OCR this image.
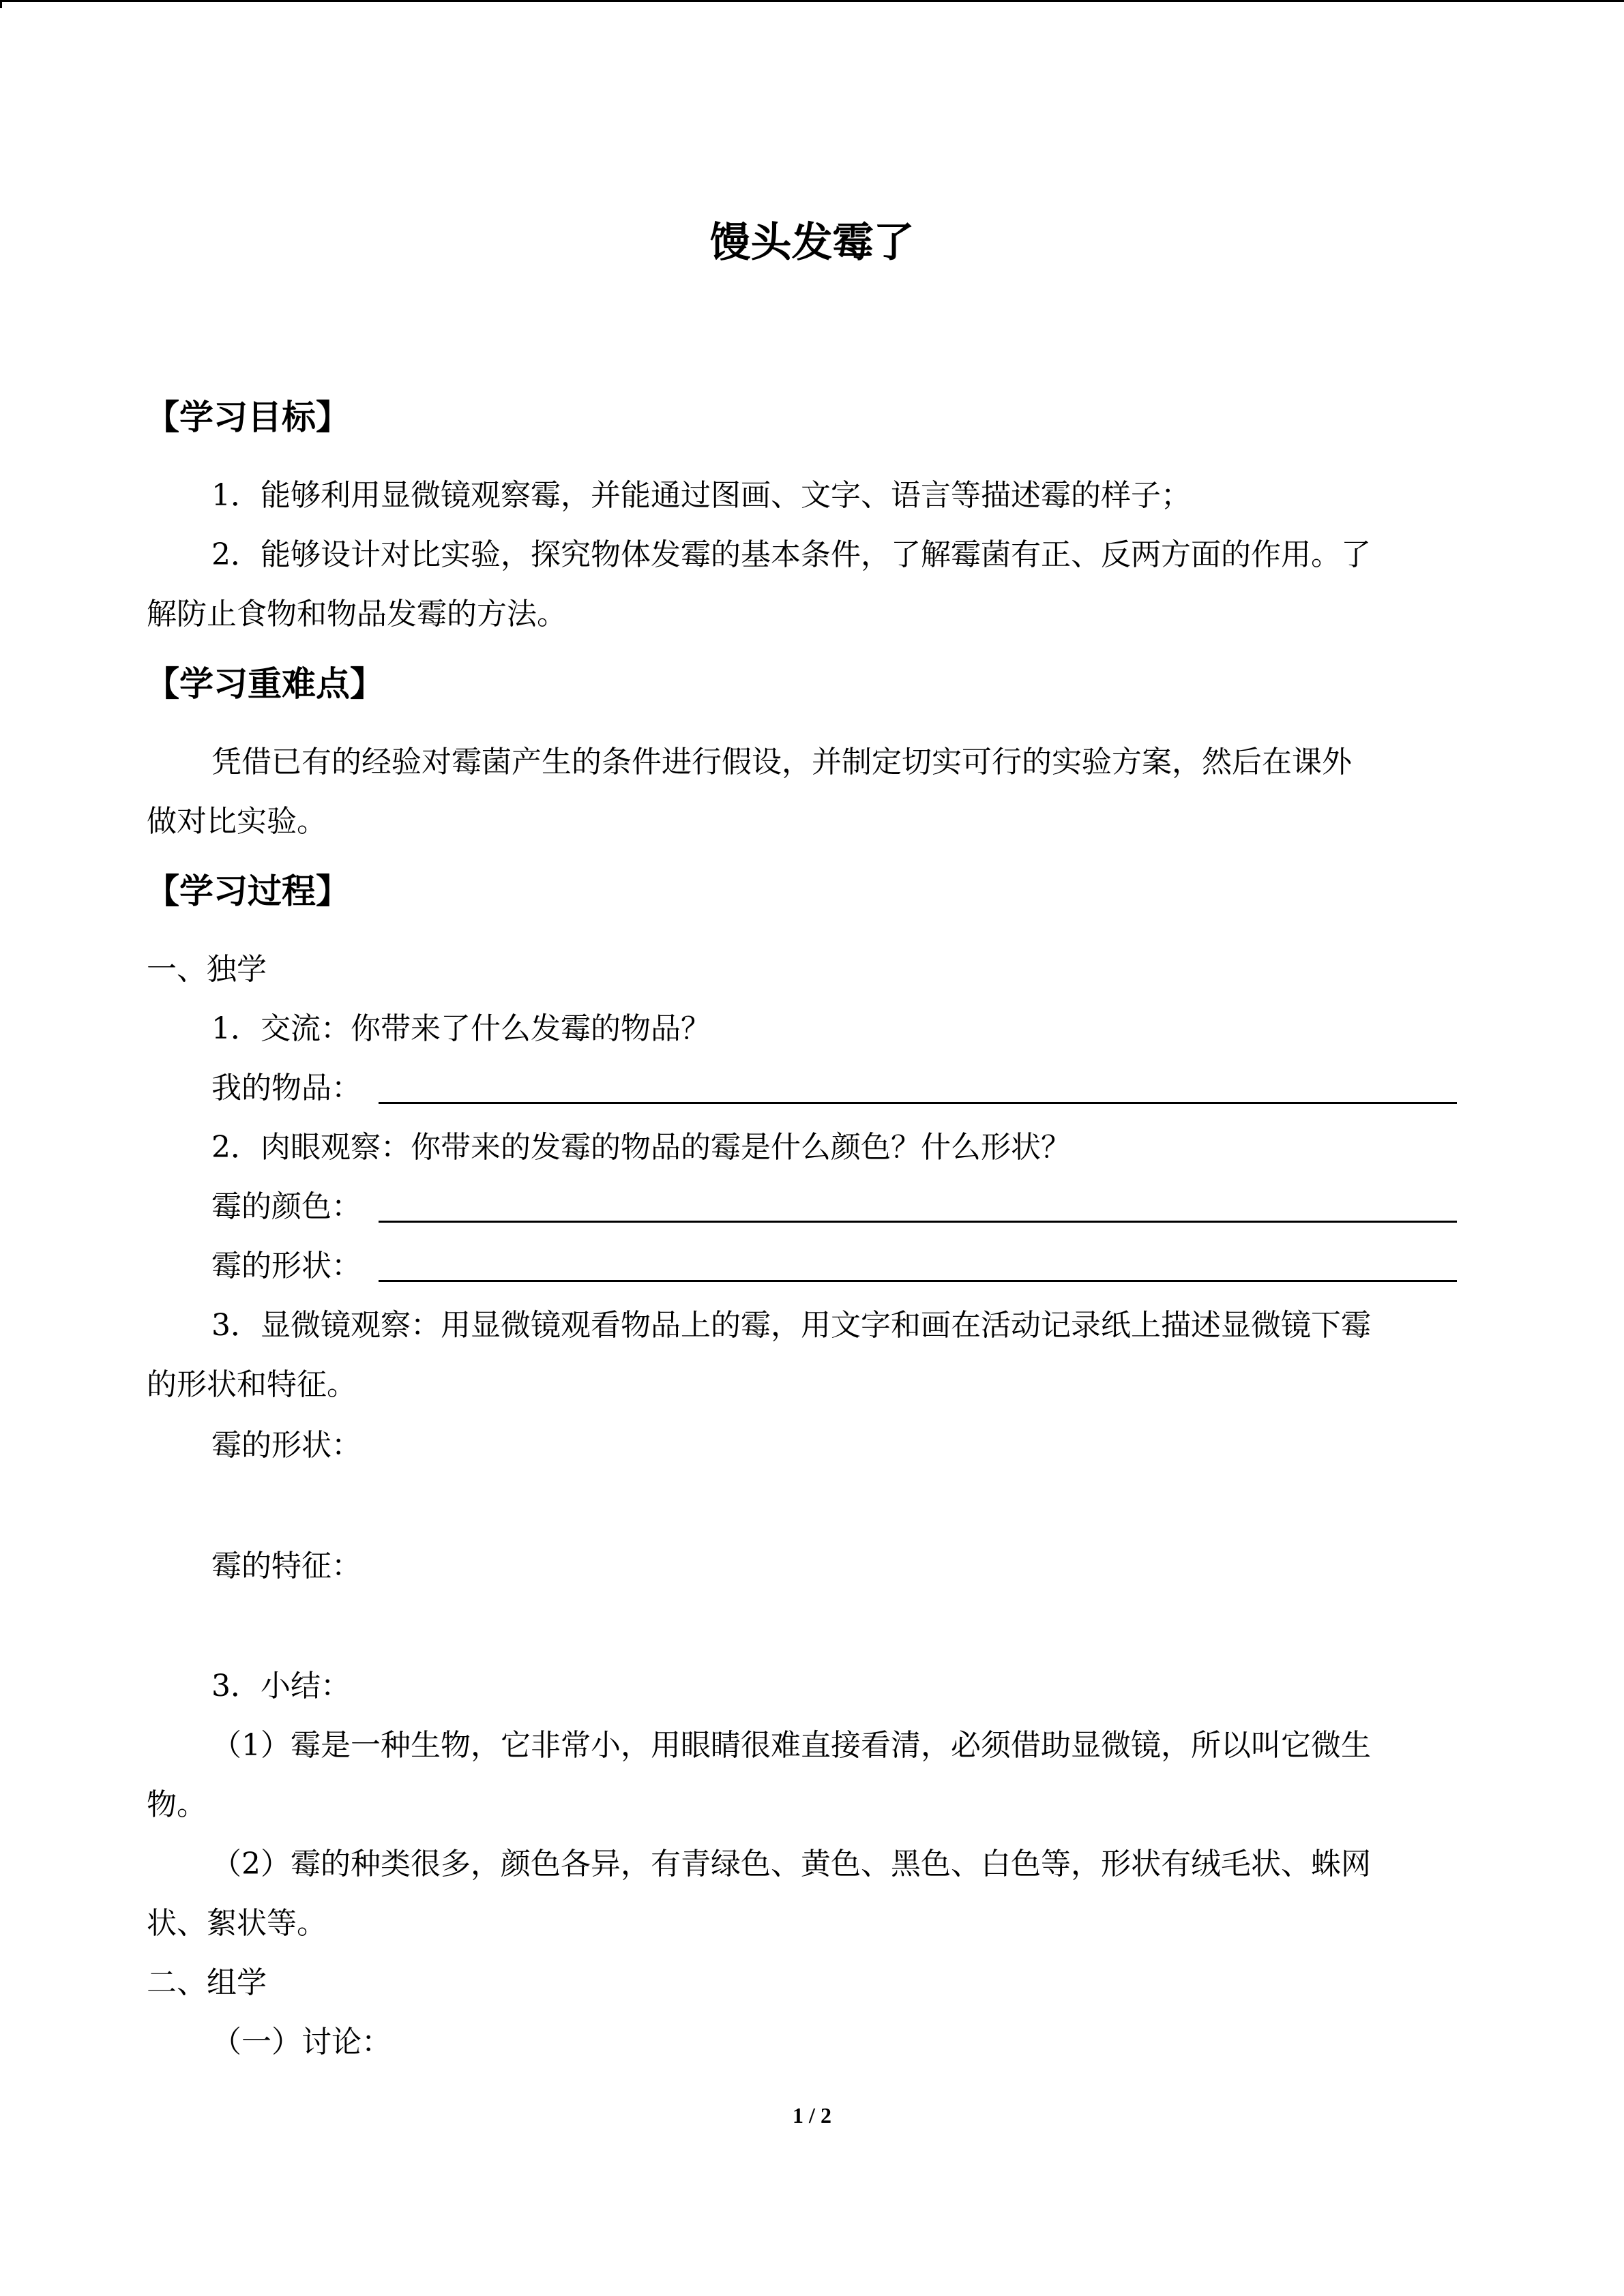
馒头发霉了
【学习目标】
1．能够利用显微镜观察霉，并能通过图画、文字、语言等描述霉的样子；
2．能够设计对比实验，探究物体发霉的基本条件，了解霉菌有正、反两方面的作用。了
解防止食物和物品发霉的方法。
【学习重难点】
凭借已有的经验对霉菌产生的条件进行假设，并制定切实可行的实验方案，然后在课外
做对比实验。
【学习过程】
一、独学
1．交流：你带来了什么发霉的物品？
我的物品：
2．肉眼观察：你带来的发霉的物品的霉是什么颜色？什么形状？
霉的颜色：
霉的形状：
3．显微镜观察：用显微镜观看物品上的霉，用文字和画在活动记录纸上描述显微镜下霉
的形状和特征。
霉的形状：
霉的特征：
3．小结：
（1）霉是一种生物，它非常小，用眼睛很难直接看清，必须借助显微镜，所以叫它微生
物。
（2）霉的种类很多，颜色各异，有青绿色、黄色、黑色、白色等，形状有绒毛状、蛛网
状、絮状等。
二、组学
（一）讨论：
1 / 2
